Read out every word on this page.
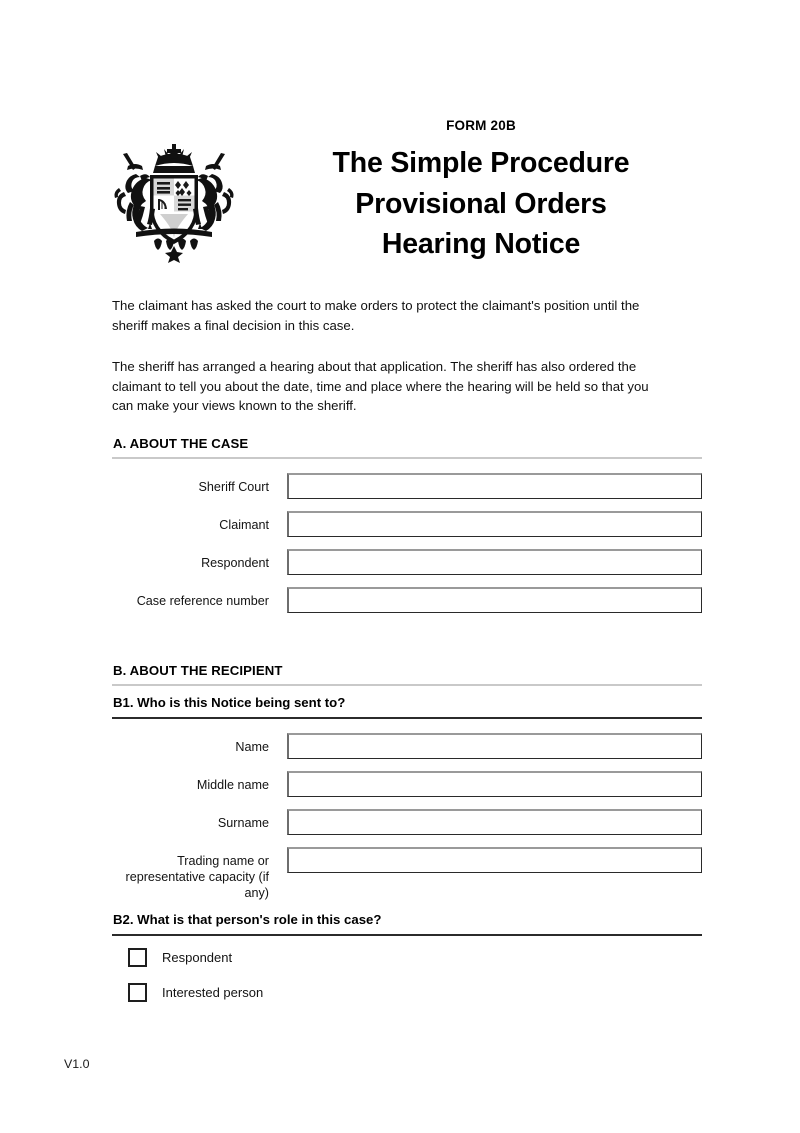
FORM 20B
The Simple Procedure
Provisional Orders
Hearing Notice

The claimant has asked the court to make orders to protect the claimant's position until the sheriff makes a final decision in this case.

The sheriff has arranged a hearing about that application. The sheriff has also ordered the claimant to tell you about the date, time and place where the hearing will be held so that you can make your views known to the sheriff.

A. ABOUT THE CASE
Sheriff Court
Claimant
Respondent
Case reference number
B. ABOUT THE RECIPIENT
B1. Who is this Notice being sent to?
Name
Middle name
Surname
Trading name or representative capacity (if any)
B2. What is that person's role in this case?
Respondent
Interested person
V1.0
